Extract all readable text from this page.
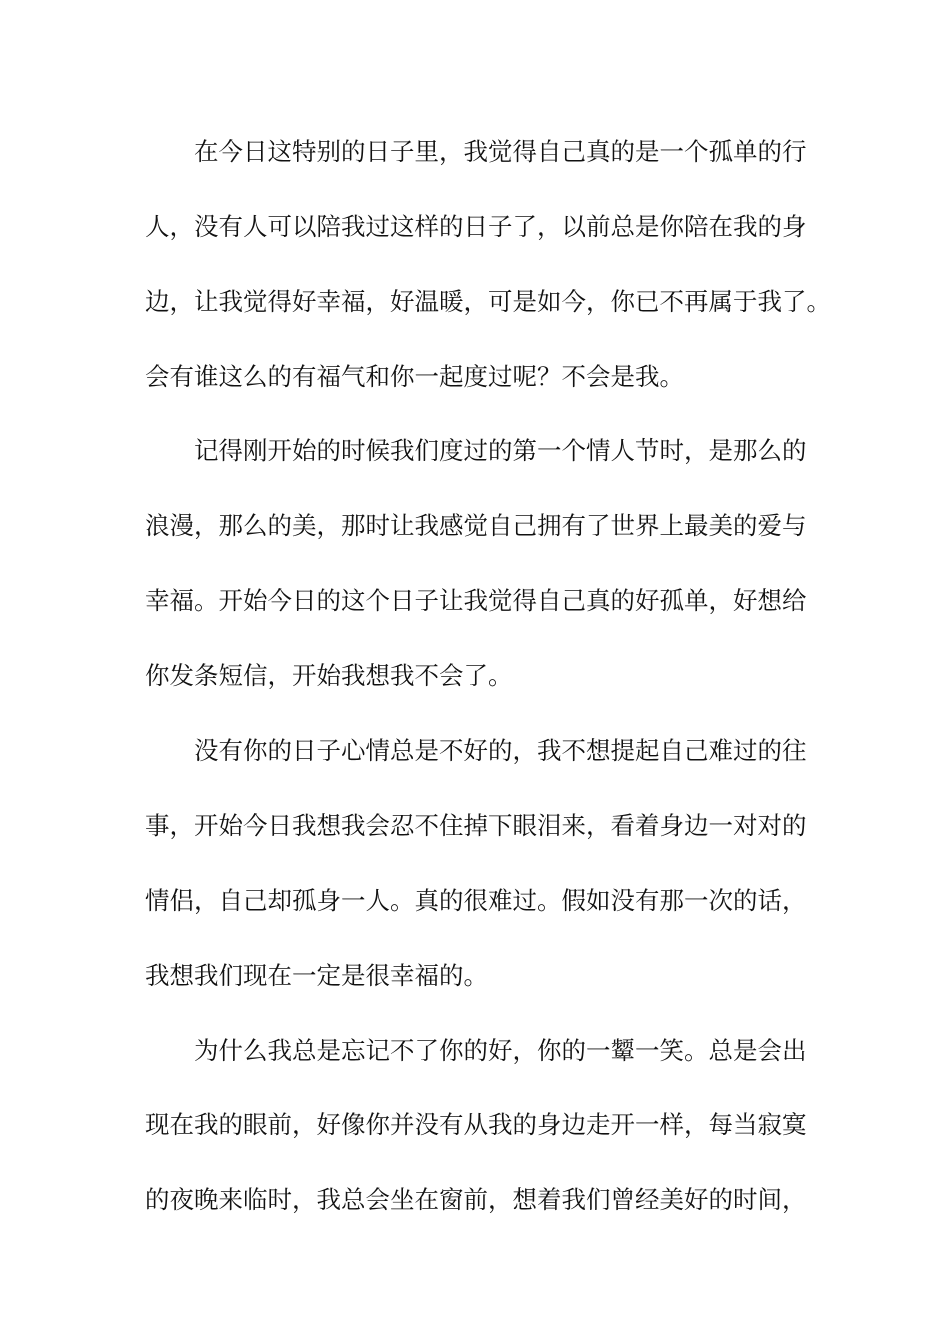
在今日这特别的日子里，我觉得自己真的是一个孤单的行
人，没有人可以陪我过这样的日子了，以前总是你陪在我的身
边，让我觉得好幸福，好温暖，可是如今，你已不再属于我了。
会有谁这么的有福气和你一起度过呢？不会是我。
记得刚开始的时候我们度过的第一个情人节时，是那么的
浪漫，那么的美，那时让我感觉自己拥有了世界上最美的爱与
幸福。开始今日的这个日子让我觉得自己真的好孤单，好想给
你发条短信，开始我想我不会了。
没有你的日子心情总是不好的，我不想提起自己难过的往
事，开始今日我想我会忍不住掉下眼泪来，看着身边一对对的
情侣，自己却孤身一人。真的很难过。假如没有那一次的话，
我想我们现在一定是很幸福的。
为什么我总是忘记不了你的好，你的一颦一笑。总是会出
现在我的眼前，好像你并没有从我的身边走开一样，每当寂寞
的夜晚来临时，我总会坐在窗前，想着我们曾经美好的时间，
